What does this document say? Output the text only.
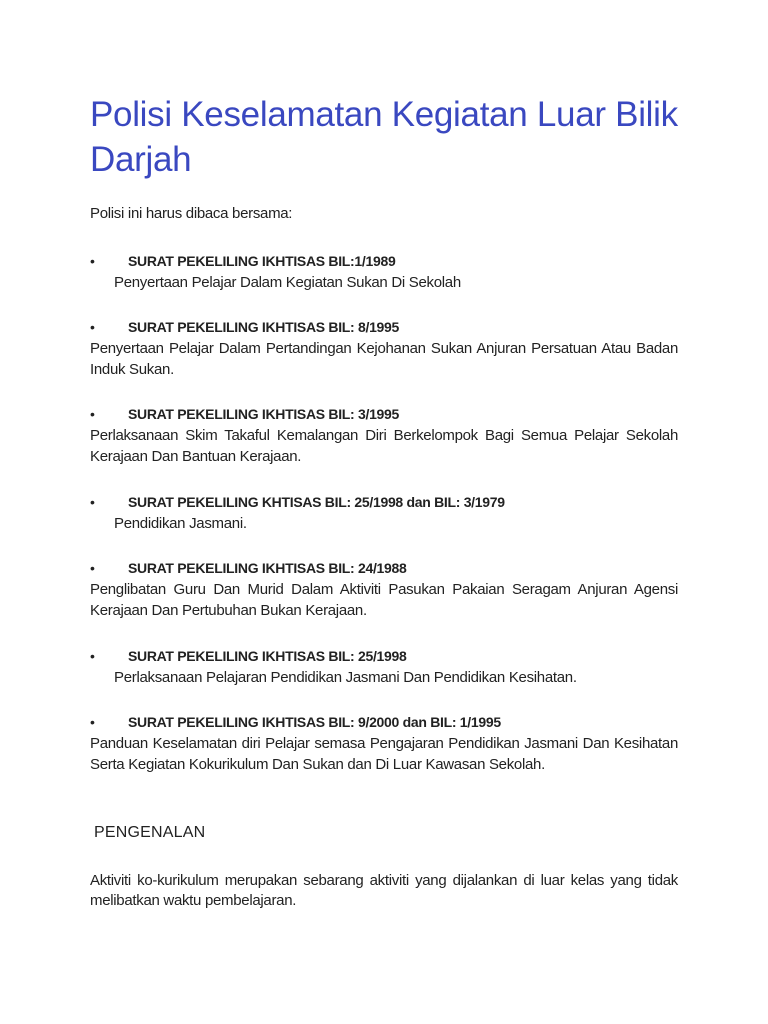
Polisi Keselamatan Kegiatan Luar Bilik Darjah

Polisi ini harus dibaca bersama:

• SURAT PEKELILING IKHTISAS BIL:1/1989

Penyertaan Pelajar Dalam Kegiatan Sukan Di Sekolah

• SURAT PEKELILING IKHTISAS BIL: 8/1995

Penyertaan Pelajar Dalam Pertandingan Kejohanan Sukan Anjuran Persatuan Atau Badan Induk Sukan.

• SURAT PEKELILING IKHTISAS BIL: 3/1995

Perlaksanaan Skim Takaful Kemalangan Diri Berkelompok Bagi Semua Pelajar Sekolah Kerajaan Dan Bantuan Kerajaan.

• SURAT PEKELILING KHTISAS BIL: 25/1998 dan BIL: 3/1979

Pendidikan Jasmani.

• SURAT PEKELILING IKHTISAS BIL: 24/1988

Penglibatan Guru Dan Murid Dalam Aktiviti Pasukan Pakaian Seragam Anjuran Agensi Kerajaan Dan Pertubuhan Bukan Kerajaan.

• SURAT PEKELILING IKHTISAS BIL: 25/1998

Perlaksanaan Pelajaran Pendidikan Jasmani Dan Pendidikan Kesihatan.

• SURAT PEKELILING IKHTISAS BIL: 9/2000 dan BIL: 1/1995

Panduan Keselamatan diri Pelajar semasa Pengajaran Pendidikan Jasmani Dan Kesihatan Serta Kegiatan Kokurikulum Dan Sukan dan Di Luar Kawasan Sekolah.

PENGENALAN

Aktiviti ko-kurikulum merupakan sebarang aktiviti yang dijalankan di luar kelas yang tidak melibatkan waktu pembelajaran.
